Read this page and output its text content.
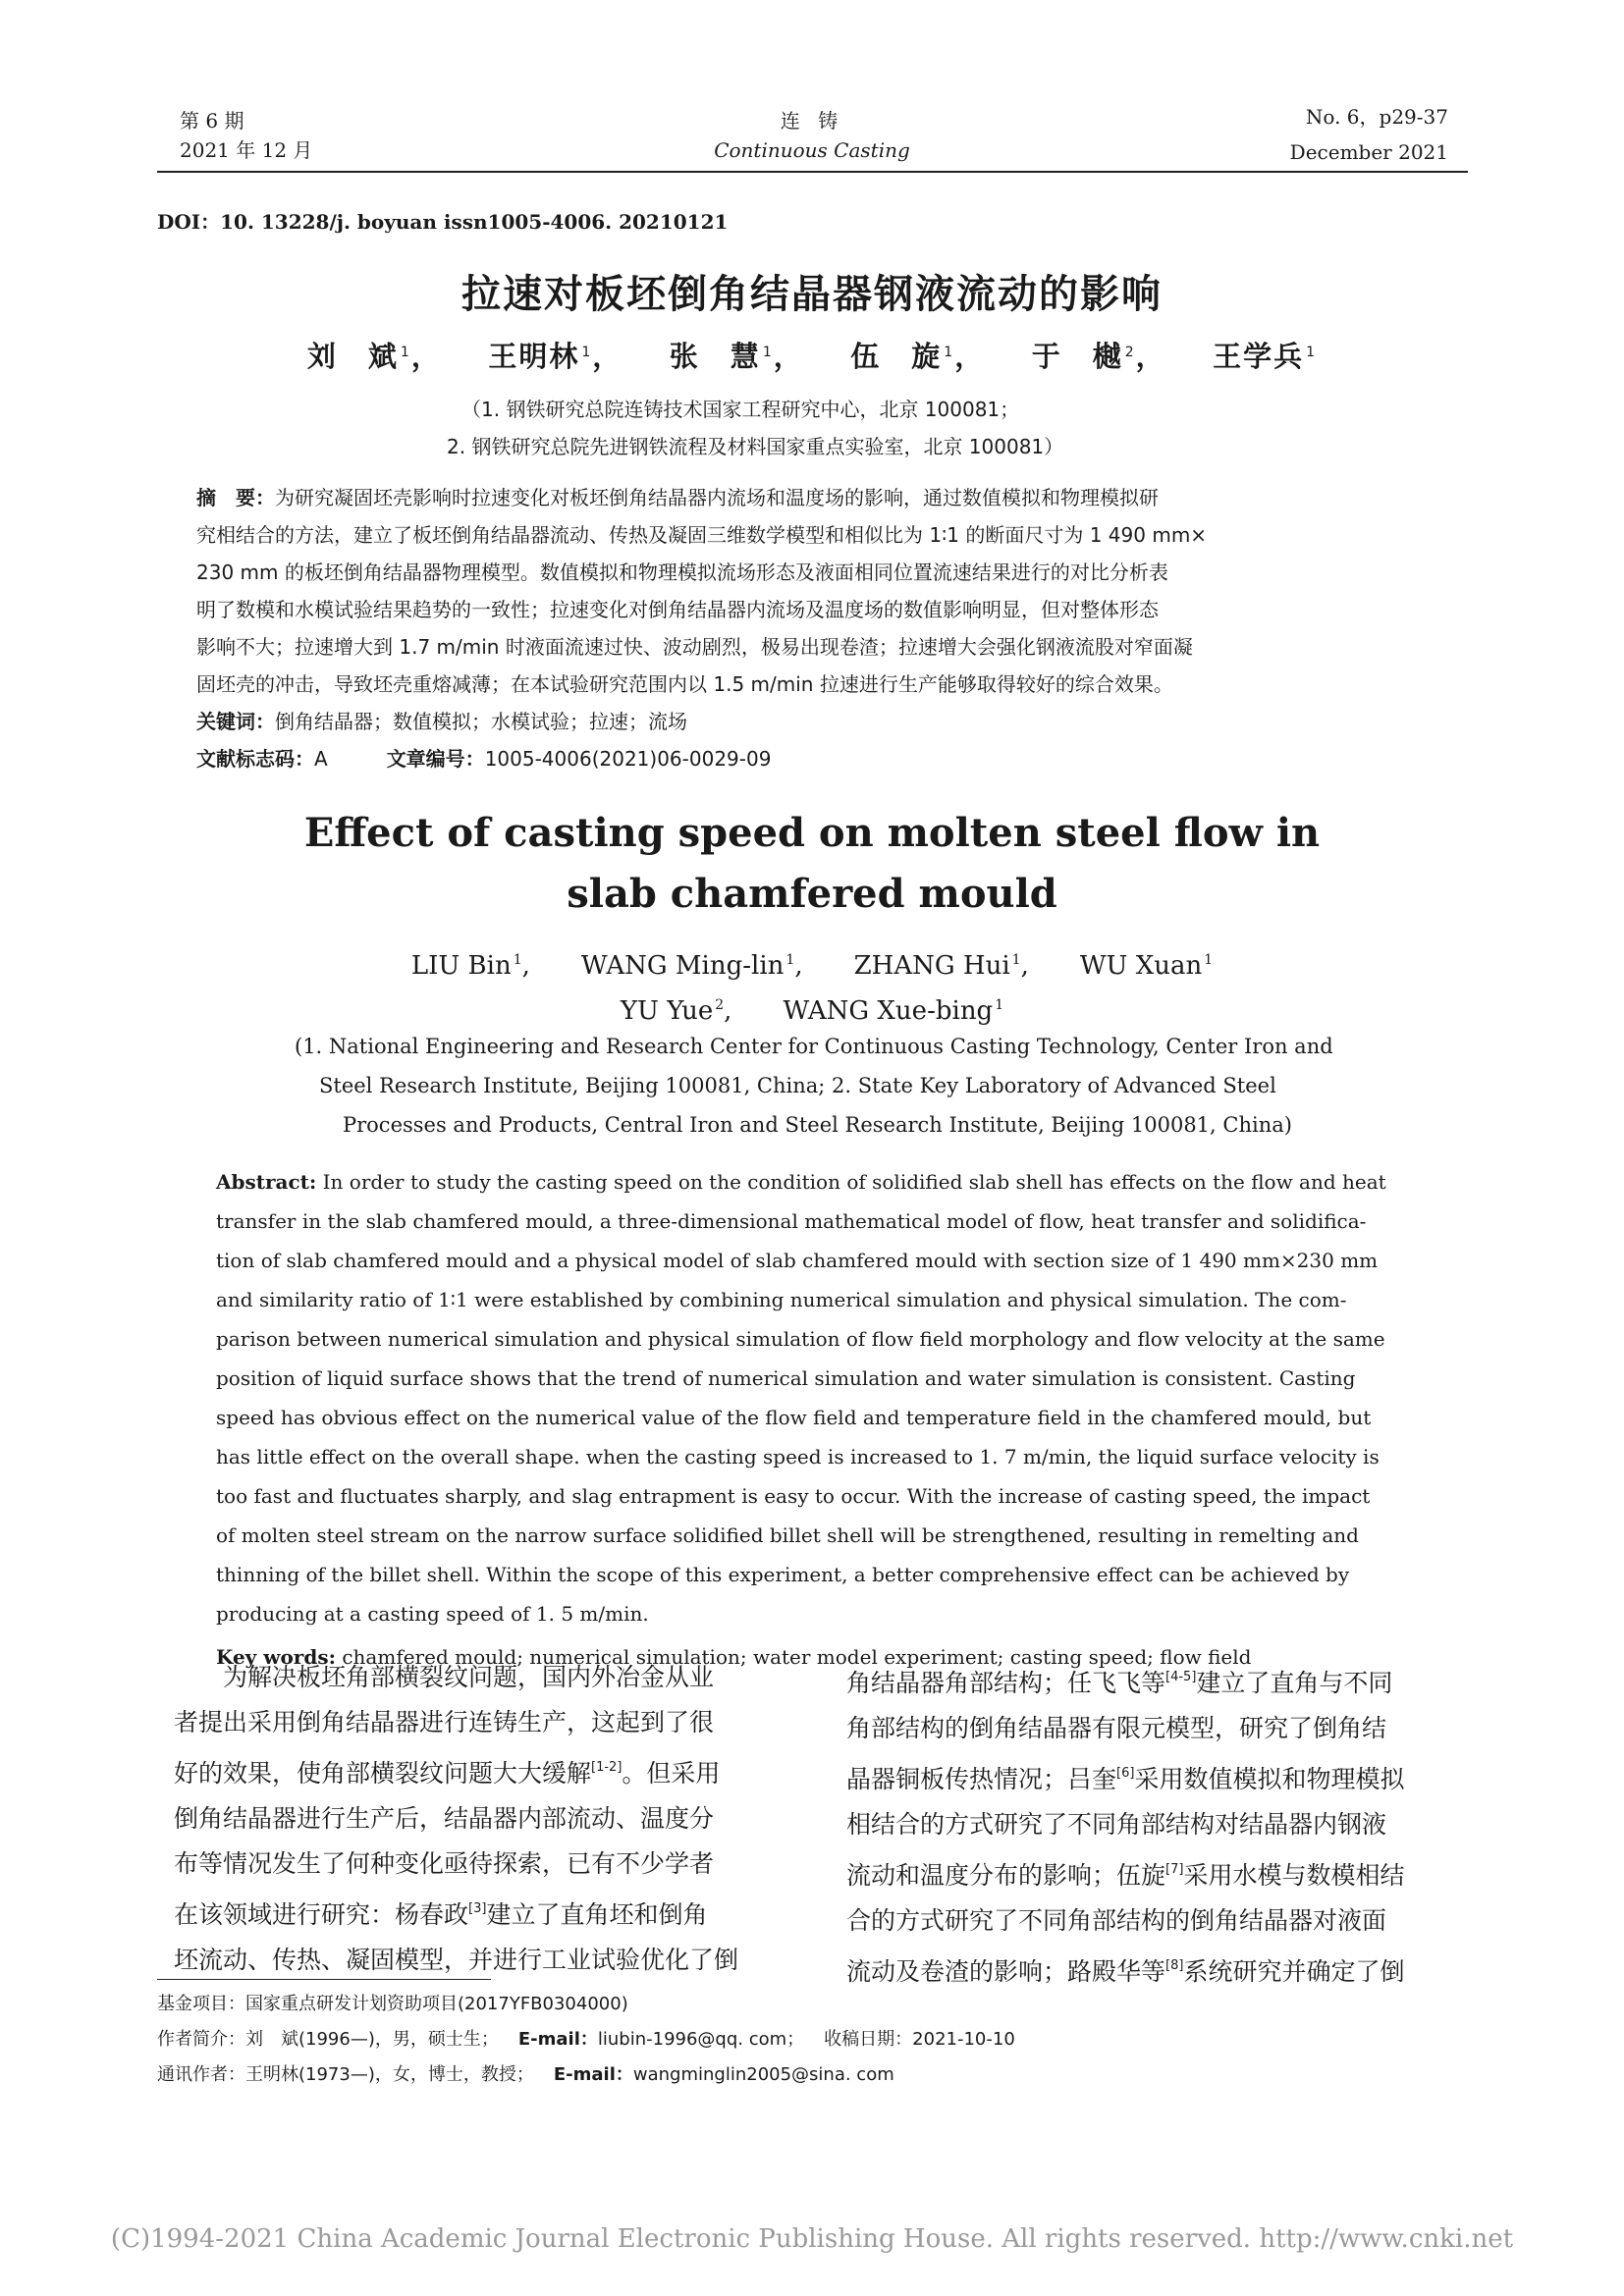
第 6 期
2021 年 12 月
连 铸
Continuous Casting
No. 6，p29-37
December 2021
DOI：10. 13228/j. boyuan issn1005-4006. 20210121
拉速对板坯倒角结晶器钢液流动的影响
刘　斌 $^1$，　　王明林 $^1$，　　张　慧 $^1$，　　伍　旋 $^1$，　　于　樾 $^2$，　　王学兵 $^1$
（1. 钢铁研究总院连铸技术国家工程研究中心，北京 100081；
2. 钢铁研究总院先进钢铁流程及材料国家重点实验室，北京 100081）
摘　要：为研究凝固坯壳影响时拉速变化对板坯倒角结晶器内流场和温度场的影响，通过数值模拟和物理模拟研
究相结合的方法，建立了板坯倒角结晶器流动、传热及凝固三维数学模型和相似比为 1∶1 的断面尺寸为 1 490 mm×
230 mm 的板坯倒角结晶器物理模型。数值模拟和物理模拟流场形态及液面相同位置流速结果进行的对比分析表
明了数模和水模试验结果趋势的一致性；拉速变化对倒角结晶器内流场及温度场的数值影响明显，但对整体形态
影响不大；拉速增大到 1.7 m/min 时液面流速过快、波动剧烈，极易出现卷渣；拉速增大会强化钢液流股对窄面凝
固坯壳的冲击，导致坯壳重熔减薄；在本试验研究范围内以 1.5 m/min 拉速进行生产能够取得较好的综合效果。
关键词：倒角结晶器；数值模拟；水模试验；拉速；流场
文献标志码：A	文章编号：1005-4006(2021)06-0029-09
Effect of casting speed on molten steel flow in
slab chamfered mould
LIU Bin $^1$,　　WANG Ming-lin $^1$,　　ZHANG Hui $^1$,　　WU Xuan $^1$
YU Yue $^2$,　　WANG Xue-bing $^1$
(1. National Engineering and Research Center for Continuous Casting Technology, Center Iron and
Steel Research Institute, Beijing 100081, China; 2. State Key Laboratory of Advanced Steel
Processes and Products, Central Iron and Steel Research Institute, Beijing 100081, China)
Abstract: In order to study the casting speed on the condition of solidified slab shell has effects on the flow and heat
transfer in the slab chamfered mould, a three-dimensional mathematical model of flow, heat transfer and solidifica-
tion of slab chamfered mould and a physical model of slab chamfered mould with section size of 1 490 mm×230 mm
and similarity ratio of 1∶1 were established by combining numerical simulation and physical simulation. The com-
parison between numerical simulation and physical simulation of flow field morphology and flow velocity at the same
position of liquid surface shows that the trend of numerical simulation and water simulation is consistent. Casting
speed has obvious effect on the numerical value of the flow field and temperature field in the chamfered mould, but
has little effect on the overall shape. when the casting speed is increased to 1. 7 m/min, the liquid surface velocity is
too fast and fluctuates sharply, and slag entrapment is easy to occur. With the increase of casting speed, the impact
of molten steel stream on the narrow surface solidified billet shell will be strengthened, resulting in remelting and
thinning of the billet shell. Within the scope of this experiment, a better comprehensive effect can be achieved by
producing at a casting speed of 1. 5 m/min.
Key words: chamfered mould; numerical simulation; water model experiment; casting speed; flow field
　　为解决板坯角部横裂纹问题，国内外冶金从业
者提出采用倒角结晶器进行连铸生产，这起到了很
好的效果，使角部横裂纹问题大大缓解[1-2]。但采用
倒角结晶器进行生产后，结晶器内部流动、温度分
布等情况发生了何种变化亟待探索，已有不少学者
在该领域进行研究：杨春政[3]建立了直角坯和倒角
坯流动、传热、凝固模型，并进行工业试验优化了倒
角结晶器角部结构；任飞飞等[4-5]建立了直角与不同
角部结构的倒角结晶器有限元模型，研究了倒角结
晶器铜板传热情况；吕奎[6]采用数值模拟和物理模拟
相结合的方式研究了不同角部结构对结晶器内钢液
流动和温度分布的影响；伍旋[7]采用水模与数模相结
合的方式研究了不同角部结构的倒角结晶器对液面
流动及卷渣的影响；路殿华等[8]系统研究并确定了倒
基金项目：国家重点研发计划资助项目(2017YFB0304000)
作者简介：刘　斌(1996—)，男，硕士生； E-mail：liubin-1996@qq. com； 收稿日期：2021-10-10
通讯作者：王明林(1973—)，女，博士，教授； E-mail：wangminglin2005@sina. com
(C)1994-2021 China Academic Journal Electronic Publishing House. All rights reserved. http://www.cnki.net
